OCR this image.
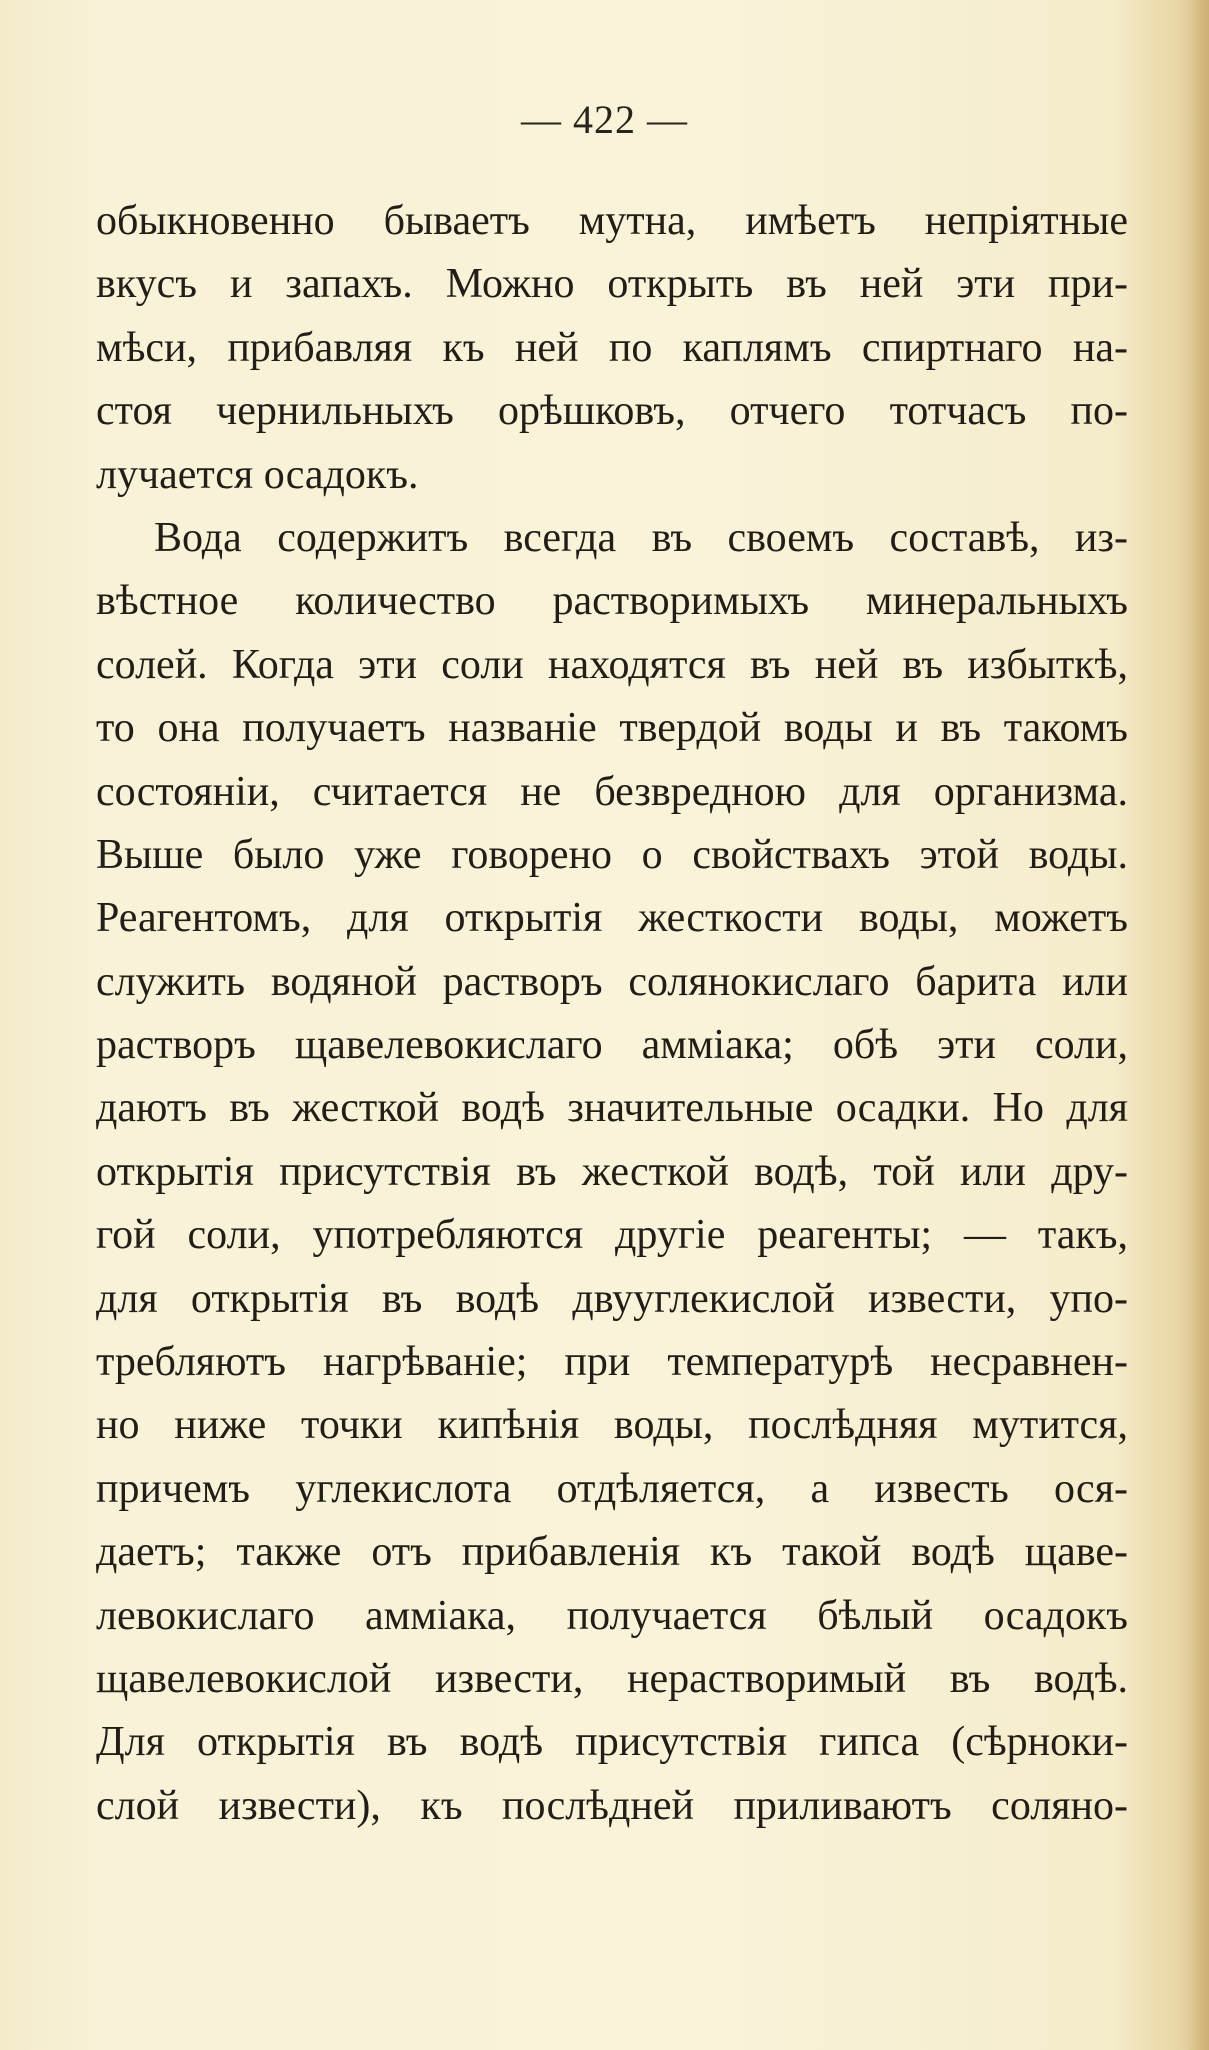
— 422 —
обыкновенно бываетъ мутна, имѣетъ непріятные
вкусъ и запахъ. Можно открыть въ ней эти при-
мѣси, прибавляя къ ней по каплямъ спиртнаго на-
стоя чернильныхъ орѣшковъ, отчего тотчасъ по-
лучается осадокъ.
Вода содержитъ всегда въ своемъ составѣ, из-
вѣстное количество растворимыхъ минеральныхъ
солей. Когда эти соли находятся въ ней въ избыткѣ,
то она получаетъ названіе твердой воды и въ такомъ
состояніи, считается не безвредною для организма.
Выше было уже говорено о свойствахъ этой воды.
Реагентомъ, для открытія жесткости воды, можетъ
служить водяной растворъ солянокислаго барита или
растворъ щавелевокислаго амміака; обѣ эти соли,
даютъ въ жесткой водѣ значительные осадки. Но для
открытія присутствія въ жесткой водѣ, той или дру-
гой соли, употребляются другіе реагенты; — такъ,
для открытія въ водѣ двууглекислой извести, упо-
требляютъ нагрѣваніе; при температурѣ несравнен-
но ниже точки кипѣнія воды, послѣдняя мутится,
причемъ углекислота отдѣляется, а известь ося-
даетъ; также отъ прибавленія къ такой водѣ щаве-
левокислаго амміака, получается бѣлый осадокъ
щавелевокислой извести, нерастворимый въ водѣ.
Для открытія въ водѣ присутствія гипса (сѣрноки-
слой извести), къ послѣдней приливаютъ соляно-
